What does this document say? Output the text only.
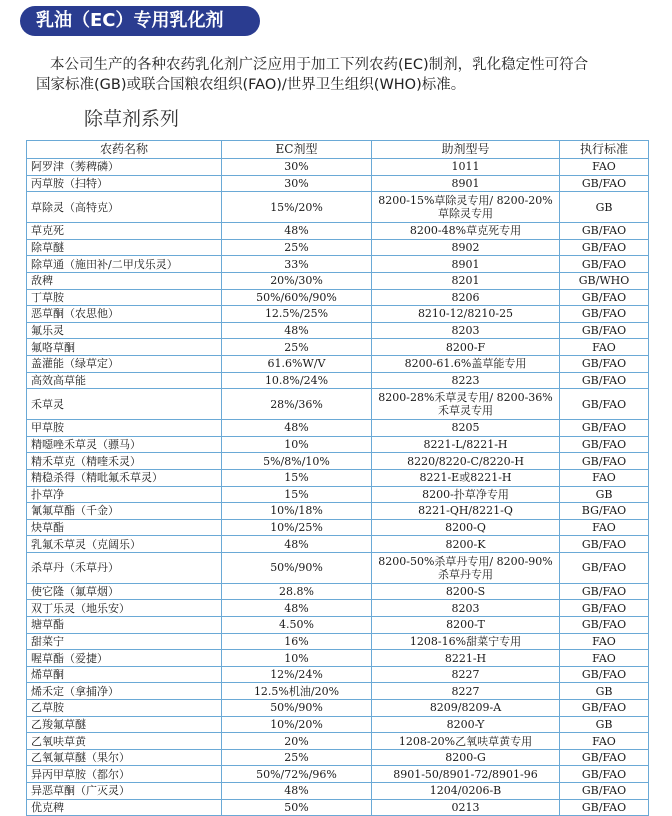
乳油（EC）专用乳化剂

本公司生产的各种农药乳化剂广泛应用于加工下列农药(EC)制剂，乳化稳定性可符合

国家标准(GB)或联合国粮农组织(FAO)/世界卫生组织(WHO)标准。

除草剂系列
农药名称	EC剂型	助剂型号	执行标准
阿罗津（莠稗磷）	30%	1011	FAO
丙草胺（扫特）	30%	8901	GB/FAO
草除灵（高特克）	15%/20%	8200-15%草除灵专用/ 8200-20%草除灵专用	GB
草克死	48%	8200-48%草克死专用	GB/FAO
除草醚	25%	8902	GB/FAO
除草通（施田补/二甲戊乐灵）	33%	8901	GB/FAO
敌稗	20%/30%	8201	GB/WHO
丁草胺	50%/60%/90%	8206	GB/FAO
恶草酮（农思他）	12.5%/25%	8210-12/8210-25	GB/FAO
氟乐灵	48%	8203	GB/FAO
氟咯草酮	25%	8200-F	FAO
盖灌能（绿草定）	61.6%W/V	8200-61.6%盖草能专用	GB/FAO
高效高草能	10.8%/24%	8223	GB/FAO
禾草灵	28%/36%	8200-28%禾草灵专用/ 8200-36%禾草灵专用	GB/FAO
甲草胺	48%	8205	GB/FAO
精噁唑禾草灵（骠马）	10%	8221-L/8221-H	GB/FAO
精禾草克（精喹禾灵）	5%/8%/10%	8220/8220-C/8220-H	GB/FAO
精稳杀得（精吡氟禾草灵）	15%	8221-E或8221-H	FAO
扑草净	15%	8200-扑草净专用	GB
氰氟草酯（千金）	10%/18%	8221-QH/8221-Q	BG/FAO
炔草酯	10%/25%	8200-Q	FAO
乳氟禾草灵（克阔乐）	48%	8200-K	GB/FAO
杀草丹（禾草丹）	50%/90%	8200-50%杀草丹专用/ 8200-90%杀草丹专用	GB/FAO
使它隆（氟草烟）	28.8%	8200-S	GB/FAO
双丁乐灵（地乐安）	48%	8203	GB/FAO
塘草酯	4.50%	8200-T	GB/FAO
甜菜宁	16%	1208-16%甜菜宁专用	FAO
喔草酯（爱捷）	10%	8221-H	FAO
烯草酮	12%/24%	8227	GB/FAO
烯禾定（拿捕净）	12.5%机油/20%	8227	GB
乙草胺	50%/90%	8209/8209-A	GB/FAO
乙羧氟草醚	10%/20%	8200-Y	GB
乙氧呋草黄	20%	1208-20%乙氧呋草黄专用	FAO
乙氧氟草醚（果尔）	25%	8200-G	GB/FAO
异丙甲草胺（都尔）	50%/72%/96%	8901-50/8901-72/8901-96	GB/FAO
异恶草酮（广灭灵）	48%	1204/0206-B	GB/FAO
优克稗	50%	0213	GB/FAO
